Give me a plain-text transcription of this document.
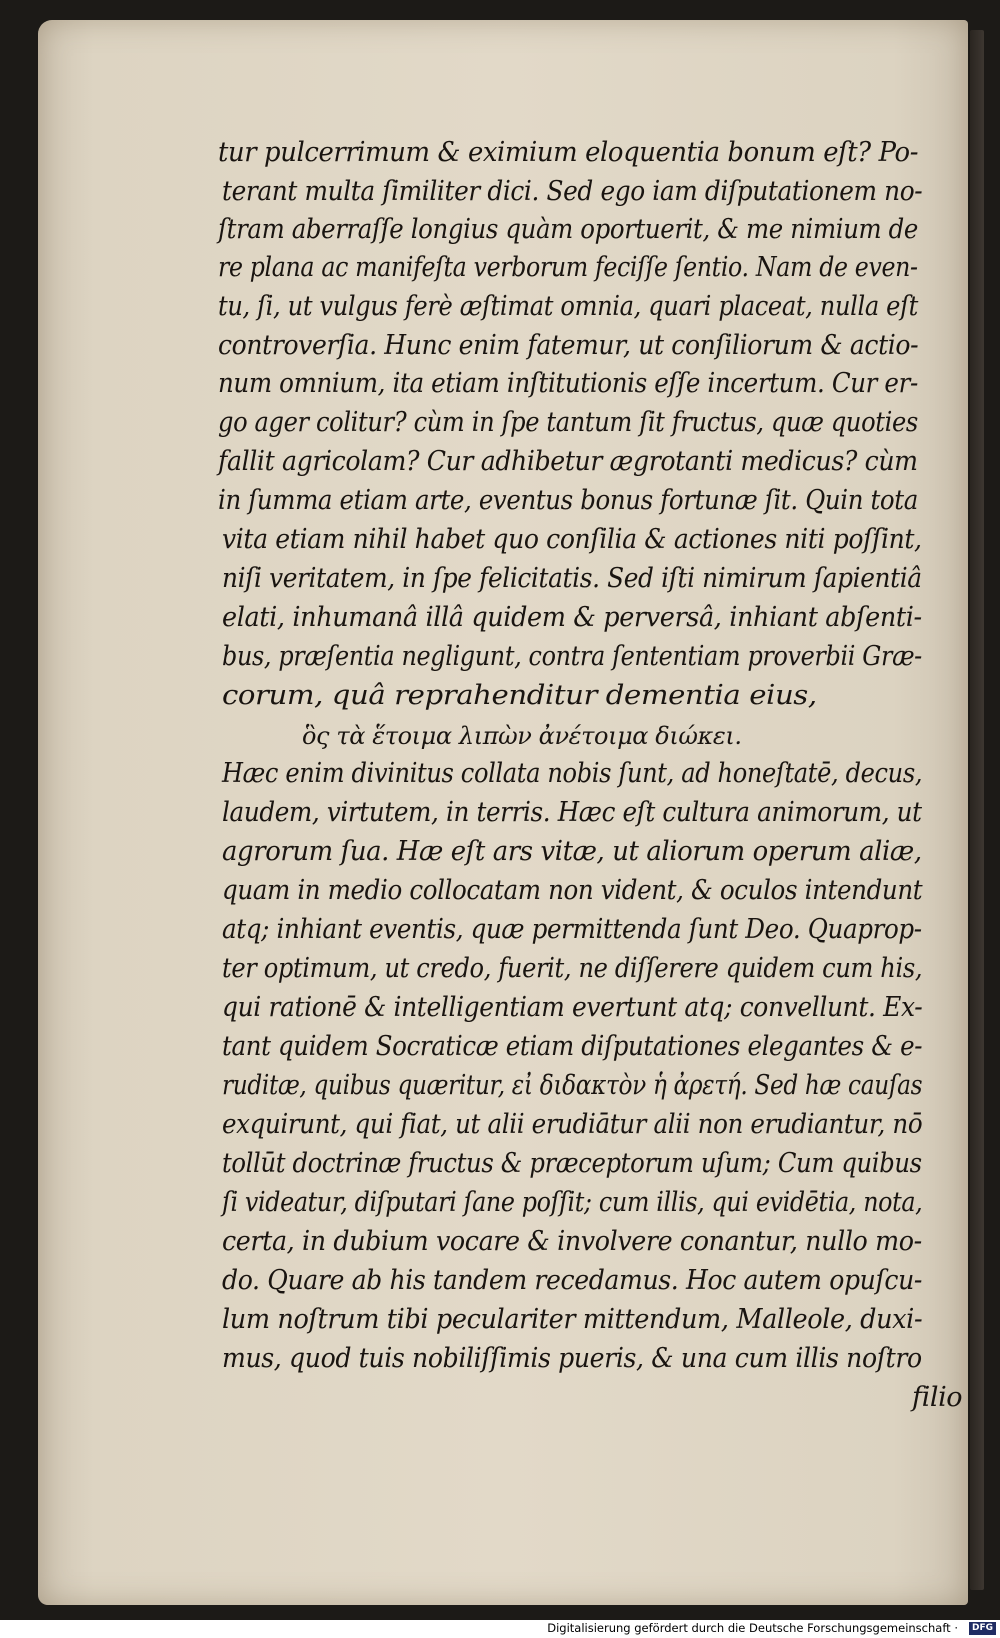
tur pulcerrimum & eximium eloquentia bonum eſt? Po-
terant multa ſimiliter dici. Sed ego iam diſputationem no-
ſtram aberraſſe longius quàm oportuerit, & me nimium de
re plana ac manifeſta verborum feciſſe ſentio. Nam de even-
tu, ſi, ut vulgus ferè æſtimat omnia, quari placeat, nulla eſt
controverſia. Hunc enim fatemur, ut conſiliorum & actio-
num omnium, ita etiam inſtitutionis eſſe incertum. Cur er-
go ager colitur? cùm in ſpe tantum ſit fructus, quæ quoties
fallit agricolam? Cur adhibetur ægrotanti medicus? cùm
in ſumma etiam arte, eventus bonus fortunæ ſit. Quin tota
vita etiam nihil habet quo conſilia & actiones niti poſſint,
niſi veritatem, in ſpe felicitatis. Sed iſti nimirum ſapientiâ
elati, inhumanâ illâ quidem & perversâ, inhiant abſenti-
bus, præſentia negligunt, contra ſententiam proverbii Græ-
corum, quâ reprahenditur dementia eius,
ὃς τὰ ἕτοιμα λιπὼν ἀνέτοιμα διώκει.
Hæc enim divinitus collata nobis ſunt, ad honeſtatē, decus,
laudem, virtutem, in terris. Hæc eſt cultura animorum, ut
agrorum ſua. Hæ eſt ars vitæ, ut aliorum operum aliæ,
quam in medio collocatam non vident, & oculos intendunt
atq; inhiant eventis, quæ permittenda ſunt Deo. Quaprop-
ter optimum, ut credo, fuerit, ne diſſerere quidem cum his,
qui rationē & intelligentiam evertunt atq; convellunt. Ex-
tant quidem Socraticæ etiam diſputationes elegantes & e-
ruditæ, quibus quæritur, εἰ διδακτὸν ἡ ἀρετή. Sed hæ cauſas
exquirunt, qui fiat, ut alii erudiātur alii non erudiantur, nō
tollūt doctrinæ fructus & præceptorum uſum; Cum quibus
ſi videatur, diſputari ſane poſſit; cum illis, qui evidētia, nota,
certa, in dubium vocare & involvere conantur, nullo mo-
do. Quare ab his tandem recedamus. Hoc autem opuſcu-
lum noſtrum tibi peculariter mittendum, Malleole, duxi-
mus, quod tuis nobiliſſimis pueris, & una cum illis noſtro
filio
Digitalisierung gefördert durch die Deutsche Forschungsgemeinschaft ·	DFG
